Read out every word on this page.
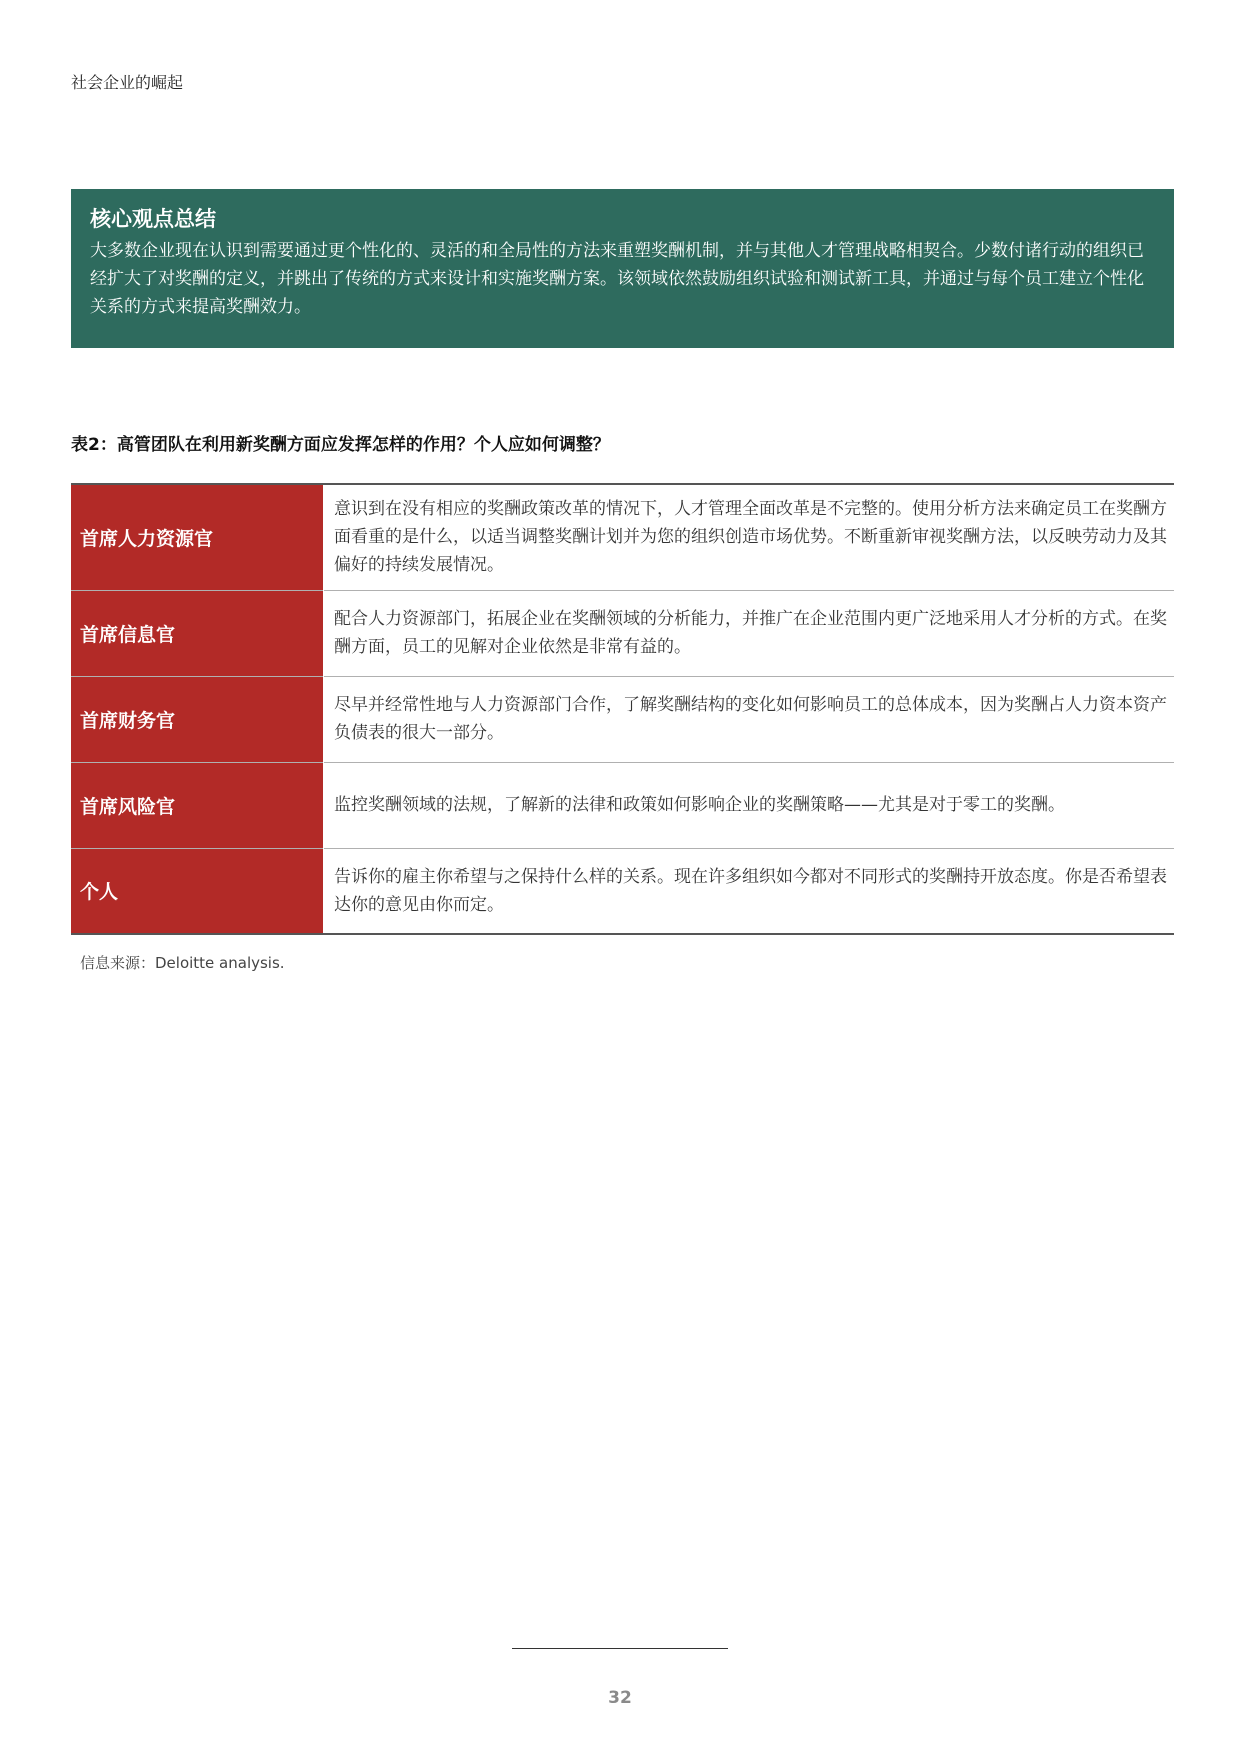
社会企业的崛起
核心观点总结
大多数企业现在认识到需要通过更个性化的、灵活的和全局性的方法来重塑奖酬机制，并与其他人才管理战略相契合。少数付诸行动的组织已经扩大了对奖酬的定义，并跳出了传统的方式来设计和实施奖酬方案。该领域依然鼓励组织试验和测试新工具，并通过与每个员工建立个性化关系的方式来提高奖酬效力。
表2：高管团队在利用新奖酬方面应发挥怎样的作用？个人应如何调整？
首席人力资源官	意识到在没有相应的奖酬政策改革的情况下，人才管理全面改革是不完整的。使用分析方法来确定员工在奖酬方面看重的是什么，以适当调整奖酬计划并为您的组织创造市场优势。不断重新审视奖酬方法，以反映劳动力及其偏好的持续发展情况。
首席信息官	配合人力资源部门，拓展企业在奖酬领域的分析能力，并推广在企业范围内更广泛地采用人才分析的方式。在奖酬方面，员工的见解对企业依然是非常有益的。
首席财务官	尽早并经常性地与人力资源部门合作，了解奖酬结构的变化如何影响员工的总体成本，因为奖酬占人力资本资产负债表的很大一部分。
首席风险官	监控奖酬领域的法规，了解新的法律和政策如何影响企业的奖酬策略——尤其是对于零工的奖酬。
个人	告诉你的雇主你希望与之保持什么样的关系。现在许多组织如今都对不同形式的奖酬持开放态度。你是否希望表达你的意见由你而定。
信息来源：Deloitte analysis.
32
